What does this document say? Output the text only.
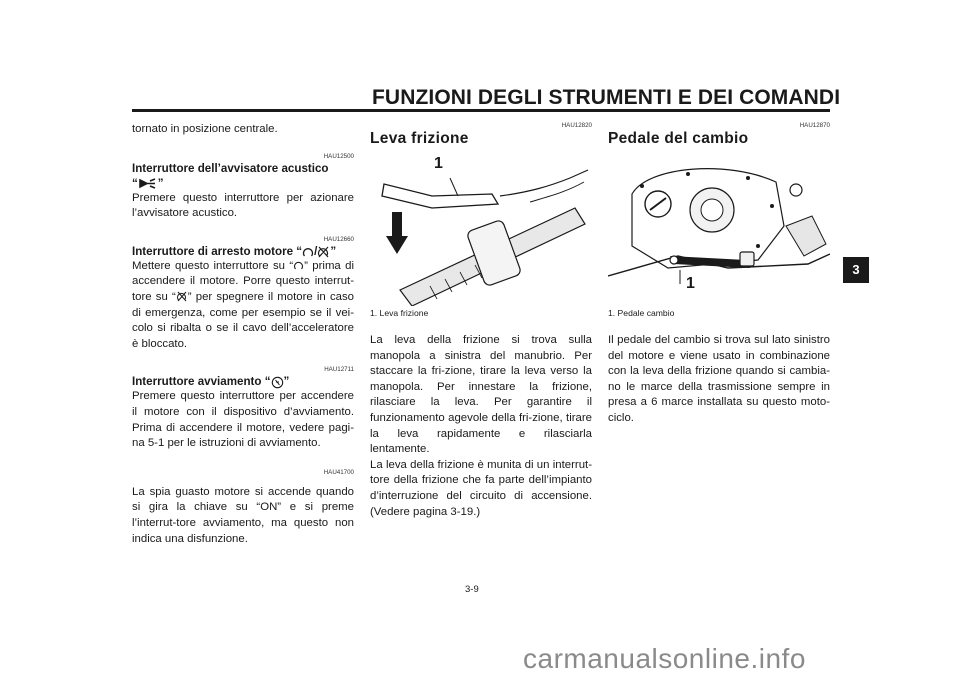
FUNZIONI DEGLI STRUMENTI E DEI COMANDI

tornato in posizione centrale.

HAU12500

Interruttore dell’avvisatore acustico
“ ”

Premere questo interruttore per azionare l’avvisatore acustico.

HAU12660

Interruttore di arresto motore “ / ”

Mettere questo interruttore su “ ” prima di accendere il motore. Porre questo interrut-tore su “ ” per spegnere il motore in caso di emergenza, come per esempio se il vei-colo si ribalta o se il cavo dell’acceleratore è bloccato.

HAU12711

Interruttore avviamento “ ”

Premere questo interruttore per accendere il motore con il dispositivo d’avviamento. Prima di accendere il motore, vedere pagi-na 5-1 per le istruzioni di avviamento.

HAU41700

La spia guasto motore si accende quando si gira la chiave su “ON” e si preme l’interrut-tore avviamento, ma questo non indica una disfunzione.

HAU12820

Leva frizione

1

1. Leva frizione

La leva della frizione si trova sulla manopola a sinistra del manubrio. Per staccare la fri-zione, tirare la leva verso la manopola. Per innestare la frizione, rilasciare la leva. Per garantire il funzionamento agevole della fri-zione, tirare la leva rapidamente e rilasciarla lentamente.

La leva della frizione è munita di un interrut-tore della frizione che fa parte dell’impianto d’interruzione del circuito di accensione. (Vedere pagina 3-19.)

HAU12870

Pedale del cambio

1

1. Pedale cambio

Il pedale del cambio si trova sul lato sinistro del motore e viene usato in combinazione con la leva della frizione quando si cambia-no le marce della trasmissione sempre in presa a 6 marce installata su questo moto-ciclo.

3
3-9
carmanualsonline.info
